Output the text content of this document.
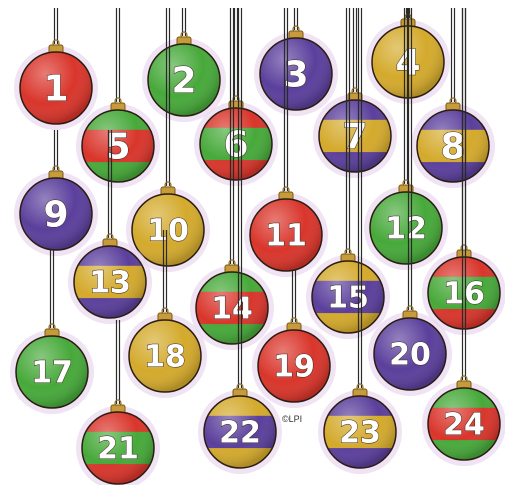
1	2 3 4
5	6	7 8
9	10	11	12
13
14 15 16
17 18	19 20
21	22	23 24
©LPI
